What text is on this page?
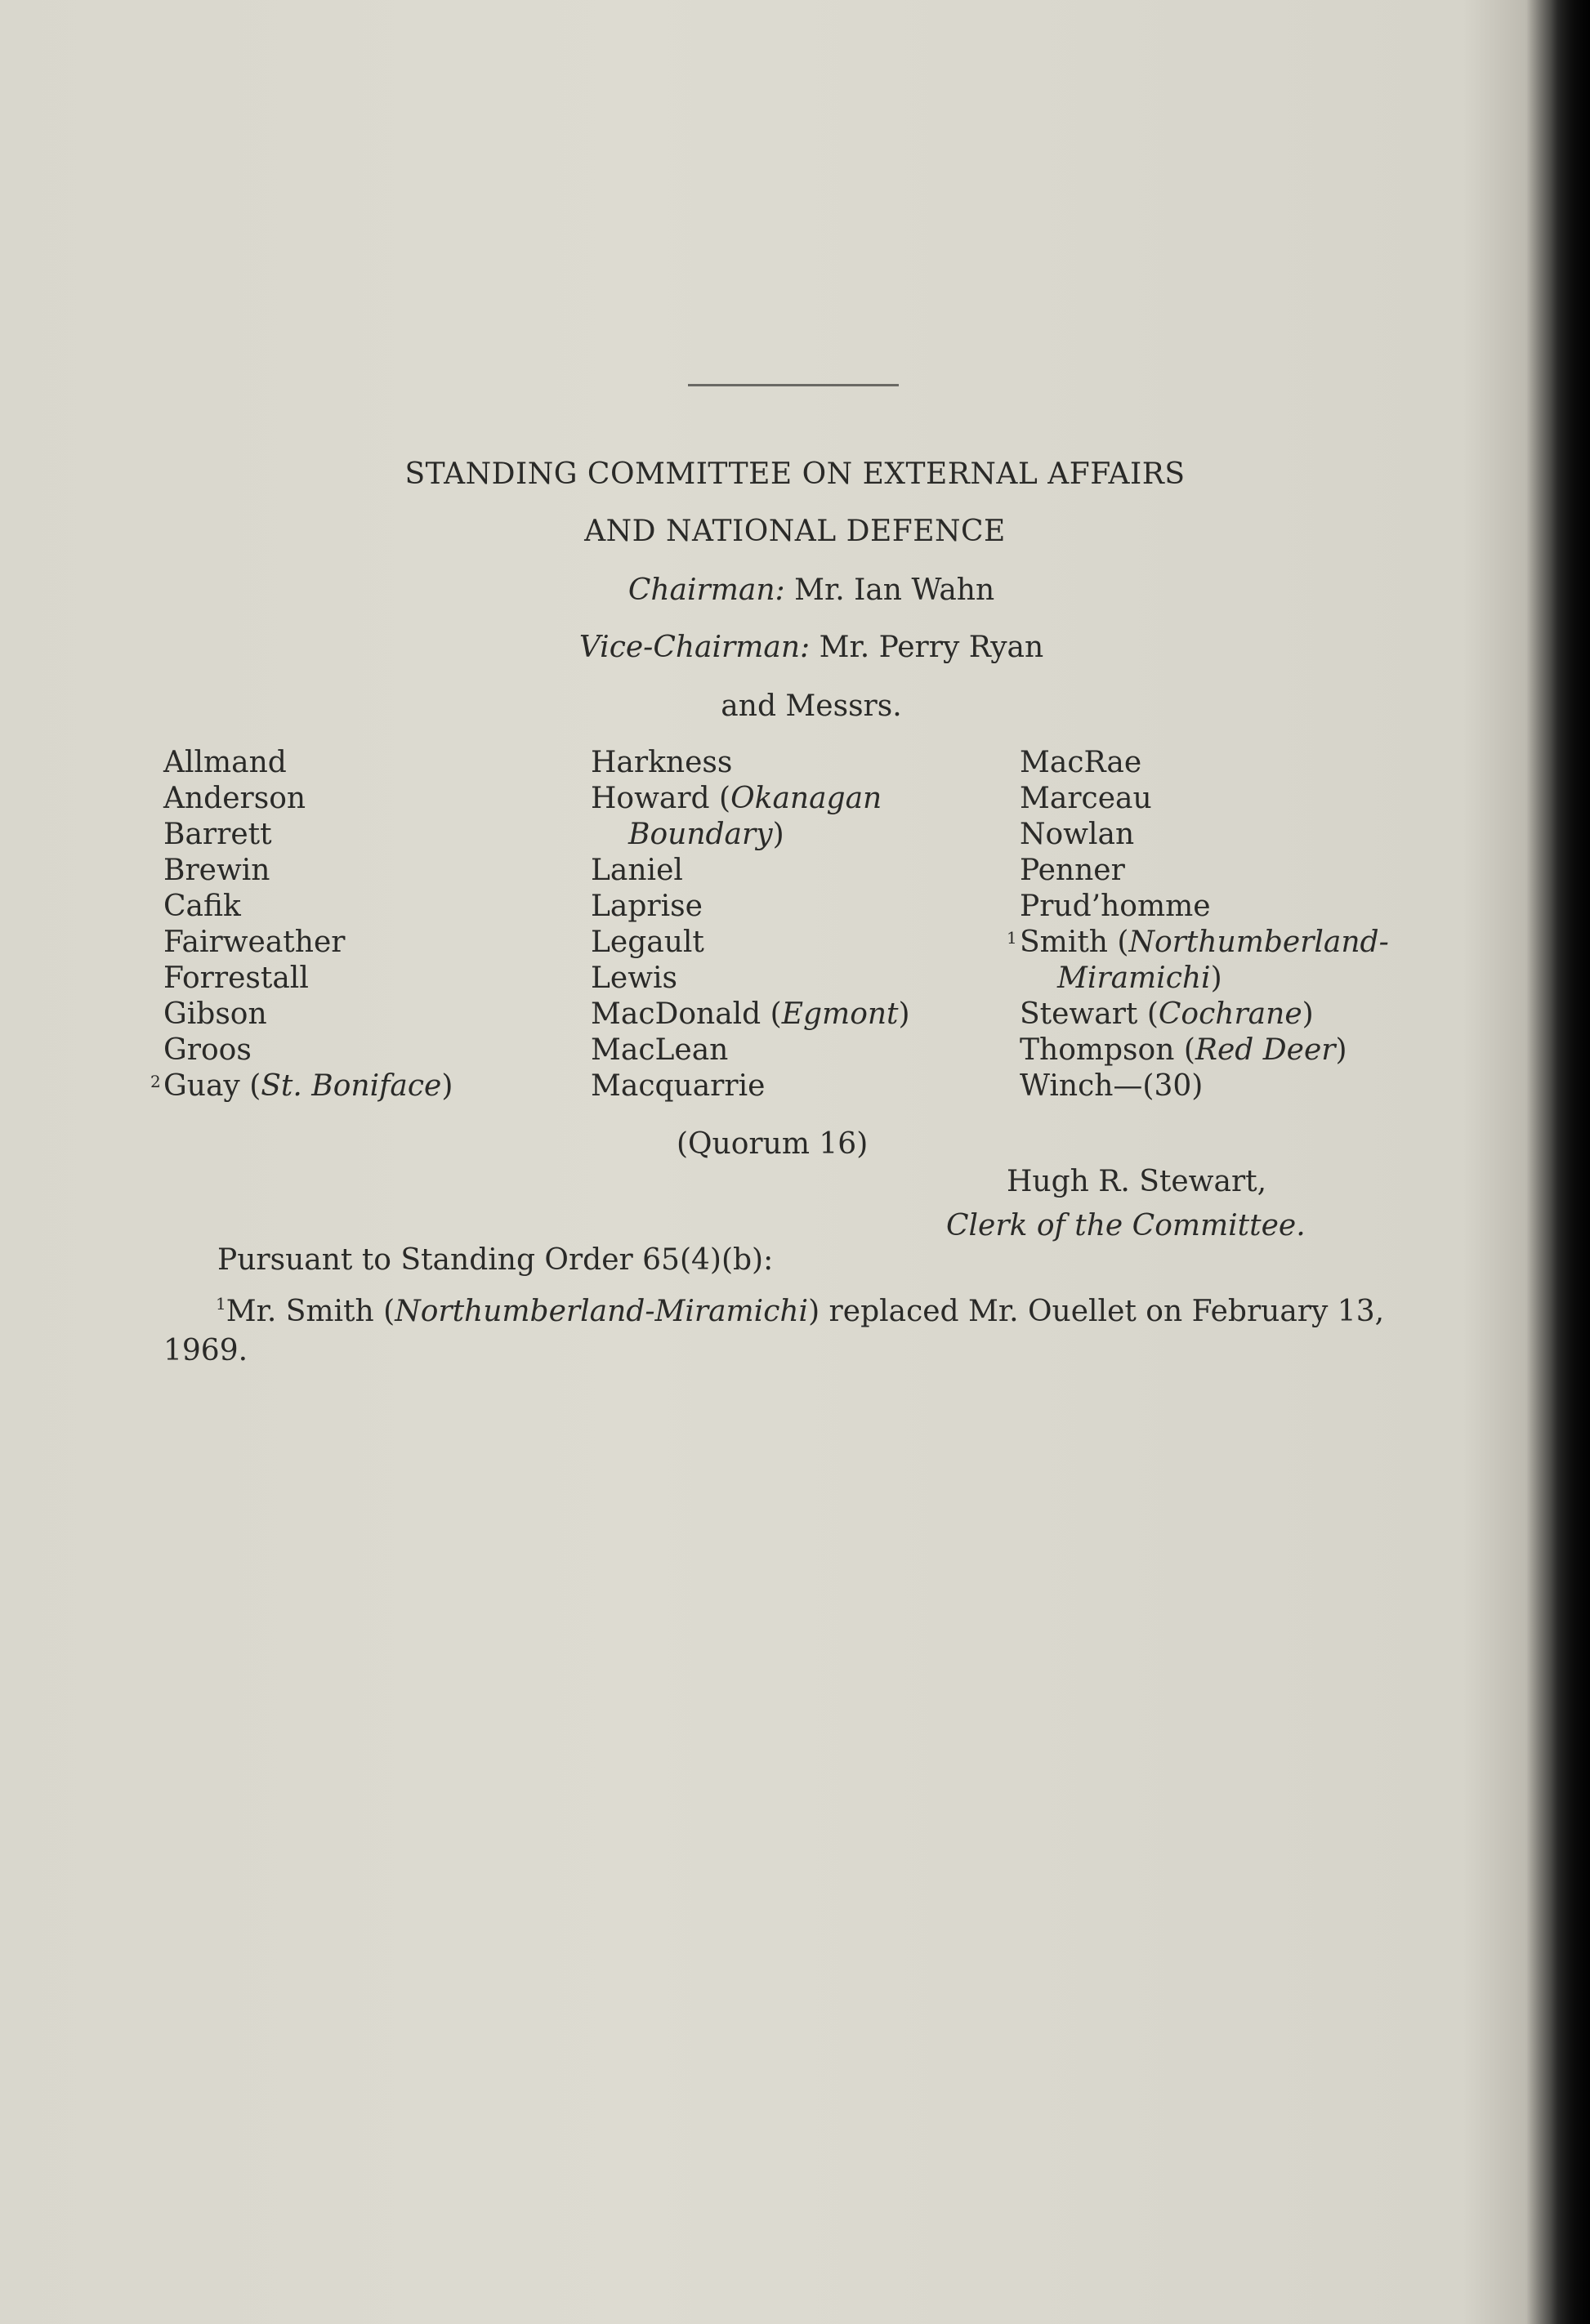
STANDING COMMITTEE ON EXTERNAL AFFAIRS
AND NATIONAL DEFENCE
Chairman: Mr. Ian Wahn
Vice-Chairman: Mr. Perry Ryan
and Messrs.
Allmand
Anderson
Barrett
Brewin
Cafik
Fairweather
Forrestall
Gibson
Groos
2 Guay (St. Boniface)
Harkness
Howard (Okanagan
Boundary)
Laniel
Laprise
Legault
Lewis
MacDonald (Egmont)
MacLean
Macquarrie
MacRae
Marceau
Nowlan
Penner
Prud’homme
1 Smith (Northumberland-
Miramichi)
Stewart (Cochrane)
Thompson (Red Deer)
Winch—(30)
(Quorum 16)
Hugh R. Stewart,
Clerk of the Committee.
Pursuant to Standing Order 65(4)(b):
$^1$Mr. Smith (Northumberland-Miramichi) replaced Mr. Ouellet on February 13, 1969.
